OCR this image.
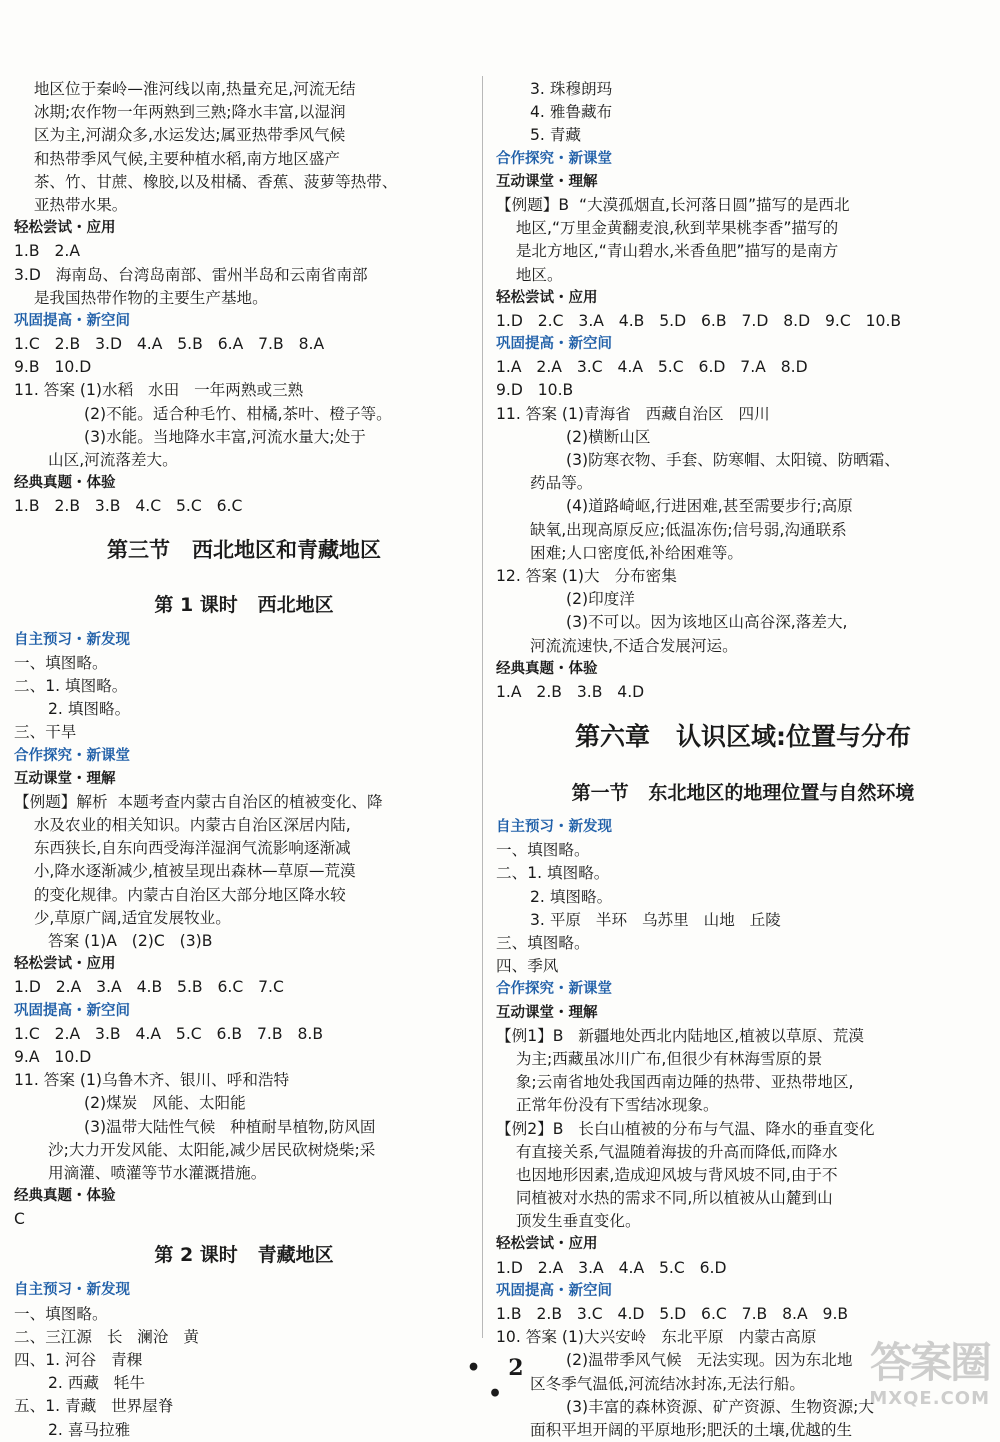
地区位于秦岭—淮河线以南,热量充足,河流无结
冰期;农作物一年两熟到三熟;降水丰富,以湿润
区为主,河湖众多,水运发达;属亚热带季风气候
和热带季风气候,主要种植水稻,南方地区盛产
茶、竹、甘蔗、橡胶,以及柑橘、香蕉、菠萝等热带、
亚热带水果。
轻松尝试・应用
1.B   2.A
3.D   海南岛、台湾岛南部、雷州半岛和云南省南部
是我国热带作物的主要生产基地。
巩固提高・新空间
1.C   2.B   3.D   4.A   5.B   6.A   7.B   8.A
9.B   10.D
11. 答案 (1)水稻   水田   一年两熟或三熟
(2)不能。适合种毛竹、柑橘,茶叶、橙子等。
(3)水能。当地降水丰富,河流水量大;处于
山区,河流落差大。
经典真题・体验
1.B   2.B   3.B   4.C   5.C   6.C
第三节   西北地区和青藏地区
第 1 课时   西北地区
自主预习・新发现
一、填图略。
二、1. 填图略。
2. 填图略。
三、干旱
合作探究・新课堂
互动课堂・理解
【例题】解析  本题考查内蒙古自治区的植被变化、降
水及农业的相关知识。内蒙古自治区深居内陆,
东西狭长,自东向西受海洋湿润气流影响逐渐减
小,降水逐渐减少,植被呈现出森林—草原—荒漠
的变化规律。内蒙古自治区大部分地区降水较
少,草原广阔,适宜发展牧业。
答案 (1)A   (2)C   (3)B
轻松尝试・应用
1.D   2.A   3.A   4.B   5.B   6.C   7.C
巩固提高・新空间
1.C   2.A   3.B   4.A   5.C   6.B   7.B   8.B
9.A   10.D
11. 答案 (1)乌鲁木齐、银川、呼和浩特
(2)煤炭   风能、太阳能
(3)温带大陆性气候   种植耐旱植物,防风固
沙;大力开发风能、太阳能,减少居民砍树烧柴;采
用滴灌、喷灌等节水灌溉措施。
经典真题・体验
C
第 2 课时   青藏地区
自主预习・新发现
一、填图略。
二、三江源   长   澜沧   黄
四、1. 河谷   青稞
2. 西藏   牦牛
五、1. 青藏   世界屋脊
2. 喜马拉雅
3. 珠穆朗玛
4. 雅鲁藏布
5. 青藏
合作探究・新课堂
互动课堂・理解
【例题】B  “大漠孤烟直,长河落日圆”描写的是西北
地区,“万里金黄翻麦浪,秋到苹果桃李香”描写的
是北方地区,“青山碧水,米香鱼肥”描写的是南方
地区。
轻松尝试・应用
1.D   2.C   3.A   4.B   5.D   6.B   7.D   8.D   9.C   10.B
巩固提高・新空间
1.A   2.A   3.C   4.A   5.C   6.D   7.A   8.D
9.D   10.B
11. 答案 (1)青海省   西藏自治区   四川
(2)横断山区
(3)防寒衣物、手套、防寒帽、太阳镜、防晒霜、
药品等。
(4)道路崎岖,行进困难,甚至需要步行;高原
缺氧,出现高原反应;低温冻伤;信号弱,沟通联系
困难;人口密度低,补给困难等。
12. 答案 (1)大   分布密集
(2)印度洋
(3)不可以。因为该地区山高谷深,落差大,
河流流速快,不适合发展河运。
经典真题・体验
1.A   2.B   3.B   4.D
第六章   认识区域:位置与分布
第一节   东北地区的地理位置与自然环境
自主预习・新发现
一、填图略。
二、1. 填图略。
2. 填图略。
3. 平原   半环   乌苏里   山地   丘陵
三、填图略。
四、季风
合作探究・新课堂
互动课堂・理解
【例1】B   新疆地处西北内陆地区,植被以草原、荒漠
为主;西藏虽冰川广布,但很少有林海雪原的景
象;云南省地处我国西南边陲的热带、亚热带地区,
正常年份没有下雪结冰现象。
【例2】B   长白山植被的分布与气温、降水的垂直变化
有直接关系,气温随着海拔的升高而降低,而降水
也因地形因素,造成迎风坡与背风坡不同,由于不
同植被对水热的需求不同,所以植被从山麓到山
顶发生垂直变化。
轻松尝试・应用
1.D   2.A   3.A   4.A   5.C   6.D
巩固提高・新空间
1.B   2.B   3.C   4.D   5.D   6.C   7.B   8.A   9.B
10. 答案 (1)大兴安岭   东北平原   内蒙古高原
(2)温带季风气候   无法实现。因为东北地
区冬季气温低,河流结冰封冻,无法行船。
(3)丰富的森林资源、矿产资源、生物资源;大
面积平坦开阔的平原地形;肥沃的土壤,优越的生
• 2 •
答案圈
MXQE.COM
